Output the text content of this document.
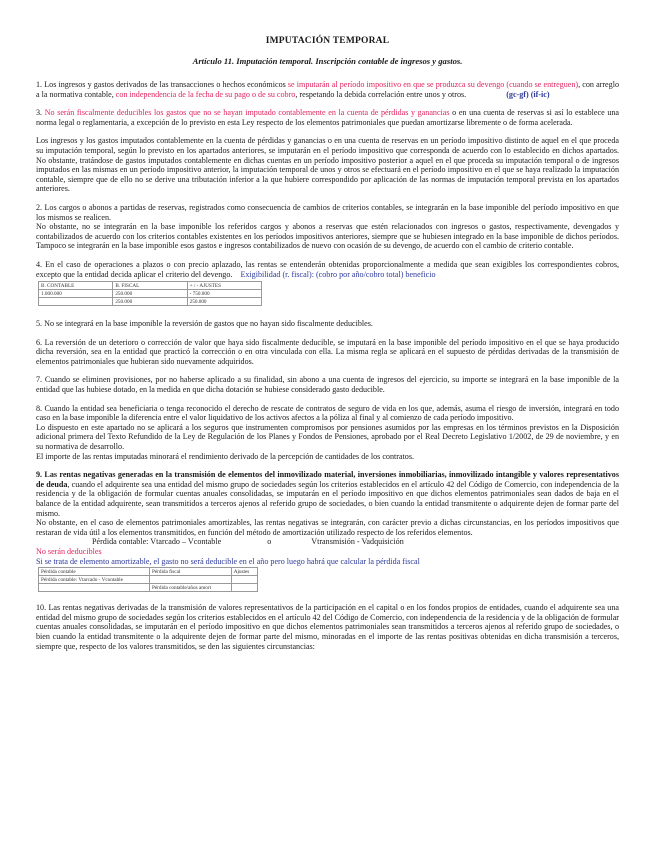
IMPUTACIÓN TEMPORAL
Artículo 11. Imputación temporal. Inscripción contable de ingresos y gastos.

1. Los ingresos y gastos derivados de las transacciones o hechos económicos se imputarán al período impositivo en que se produzca su devengo (cuando se entreguen), con arreglo a la normativa contable, con independencia de la fecha de su pago o de su cobro, respetando la debida correlación entre unos y otros.	(gc-gf) (if-ic)

3. No serán fiscalmente deducibles los gastos que no se hayan imputado contablemente en la cuenta de pérdidas y ganancias o en una cuenta de reservas si así lo establece una norma legal o reglamentaria, a excepción de lo previsto en esta Ley respecto de los elementos patrimoniales que puedan amortizarse libremente o de forma acelerada.

Los ingresos y los gastos imputados contablemente en la cuenta de pérdidas y ganancias o en una cuenta de reservas en un período impositivo distinto de aquel en el que proceda su imputación temporal, según lo previsto en los apartados anteriores, se imputarán en el período impositivo que corresponda de acuerdo con lo establecido en dichos apartados. No obstante, tratándose de gastos imputados contablemente en dichas cuentas en un período impositivo posterior a aquel en el que proceda su imputación temporal o de ingresos imputados en las mismas en un período impositivo anterior, la imputación temporal de unos y otros se efectuará en el período impositivo en el que se haya realizado la imputación contable, siempre que de ello no se derive una tributación inferior a la que hubiere correspondido por aplicación de las normas de imputación temporal prevista en los apartados anteriores.

2. Los cargos o abonos a partidas de reservas, registrados como consecuencia de cambios de criterios contables, se integrarán en la base imponible del período impositivo en que los mismos se realicen.

No obstante, no se integrarán en la base imponible los referidos cargos y abonos a reservas que estén relacionados con ingresos o gastos, respectivamente, devengados y contabilizados de acuerdo con los criterios contables existentes en los períodos impositivos anteriores, siempre que se hubiesen integrado en la base imponible de dichos períodos. Tampoco se integrarán en la base imponible esos gastos e ingresos contabilizados de nuevo con ocasión de su devengo, de acuerdo con el cambio de criterio contable.

4. En el caso de operaciones a plazos o con precio aplazado, las rentas se entenderán obtenidas proporcionalmente a medida que sean exigibles los correspondientes cobros, excepto que la entidad decida aplicar el criterio del devengo. Exigibilidad (r. fiscal): (cobro por año/cobro total) beneficio

B. CONTABLE	B. FISCAL	+ / - AJUSTES
1.000.000	250.000	- 750.000
	250.000	250.000

5. No se integrará en la base imponible la reversión de gastos que no hayan sido fiscalmente deducibles.

6. La reversión de un deterioro o corrección de valor que haya sido fiscalmente deducible, se imputará en la base imponible del período impositivo en el que se haya producido dicha reversión, sea en la entidad que practicó la corrección o en otra vinculada con ella. La misma regla se aplicará en el supuesto de pérdidas derivadas de la transmisión de elementos patrimoniales que hubieran sido nuevamente adquiridos.

7. Cuando se eliminen provisiones, por no haberse aplicado a su finalidad, sin abono a una cuenta de ingresos del ejercicio, su importe se integrará en la base imponible de la entidad que las hubiese dotado, en la medida en que dicha dotación se hubiese considerado gasto deducible.

8. Cuando la entidad sea beneficiaria o tenga reconocido el derecho de rescate de contratos de seguro de vida en los que, además, asuma el riesgo de inversión, integrará en todo caso en la base imponible la diferencia entre el valor liquidativo de los activos afectos a la póliza al final y al comienzo de cada período impositivo.

Lo dispuesto en este apartado no se aplicará a los seguros que instrumenten compromisos por pensiones asumidos por las empresas en los términos previstos en la Disposición adicional primera del Texto Refundido de la Ley de Regulación de los Planes y Fondos de Pensiones, aprobado por el Real Decreto Legislativo 1/2002, de 29 de noviembre, y en su normativa de desarrollo.

El importe de las rentas imputadas minorará el rendimiento derivado de la percepción de cantidades de los contratos.

9. Las rentas negativas generadas en la transmisión de elementos del inmovilizado material, inversiones inmobiliarias, inmovilizado intangible y valores representativos de deuda, cuando el adquirente sea una entidad del mismo grupo de sociedades según los criterios establecidos en el artículo 42 del Código de Comercio, con independencia de la residencia y de la obligación de formular cuentas anuales consolidadas, se imputarán en el período impositivo en que dichos elementos patrimoniales sean dados de baja en el balance de la entidad adquirente, sean transmitidos a terceros ajenos al referido grupo de sociedades, o bien cuando la entidad transmitente o adquirente dejen de formar parte del mismo.

No obstante, en el caso de elementos patrimoniales amortizables, las rentas negativas se integrarán, con carácter previo a dichas circunstancias, en los períodos impositivos que restaran de vida útil a los elementos transmitidos, en función del método de amortización utilizado respecto de los referidos elementos.

Pérdida contable: Vtarcado – Vcontable	o	Vtransmisión - Vadquisición

No serán deducibles

Si se trata de elemento amortizable, el gasto no será deducible en el año pero luego habrá que calcular la pérdida fiscal

Pérdida contable	Pérdida fiscal	Ajustes
Pérdida contable: Vtarcado - Vcontable		
	Pérdida contable/años amort	

10. Las rentas negativas derivadas de la transmisión de valores representativos de la participación en el capital o en los fondos propios de entidades, cuando el adquirente sea una entidad del mismo grupo de sociedades según los criterios establecidos en el artículo 42 del Código de Comercio, con independencia de la residencia y de la obligación de formular cuentas anuales consolidadas, se imputarán en el período impositivo en que dichos elementos patrimoniales sean transmitidos a terceros ajenos al referido grupo de sociedades, o bien cuando la entidad transmitente o la adquirente dejen de formar parte del mismo, minoradas en el importe de las rentas positivas obtenidas en dicha transmisión a terceros, siempre que, respecto de los valores transmitidos, se den las siguientes circunstancias:
